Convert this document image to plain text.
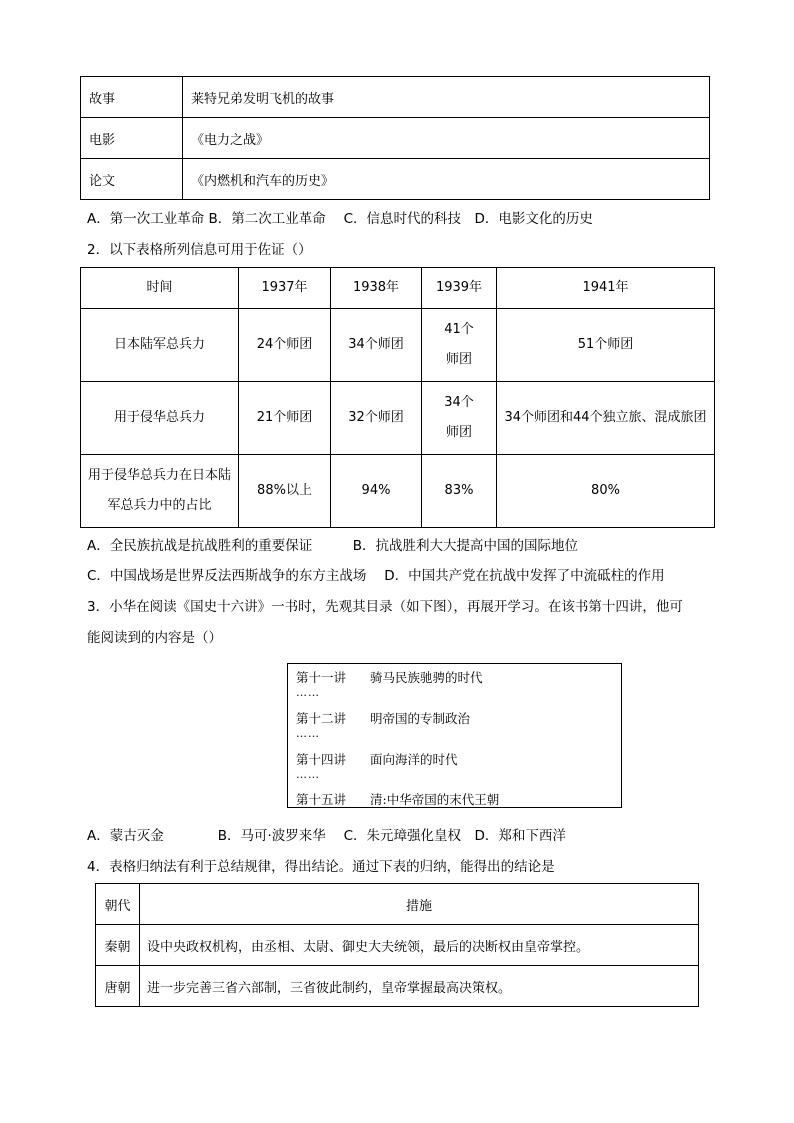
故事	莱特兄弟发明飞机的故事
电影	《电力之战》
论文	《内燃机和汽车的历史》
A．第一次工业革命 B．第二次工业革命　 C．信息时代的科技　D．电影文化的历史
2．以下表格所列信息可用于佐证（）
时间	1937年	1938年	1939年	1941年
日本陆军总兵力	24个师团	34个师团	41个师团	51个师团
用于侵华总兵力	21个师团	32个师团	34个师团	34个师团和44个独立旅、混成旅团
用于侵华总兵力在日本陆军总兵力中的占比	88%以上	94%	83%	80%
A．全民族抗战是抗战胜利的重要保证　　　B．抗战胜利大大提高中国的国际地位
C．中国战场是世界反法西斯战争的东方主战场　 D．中国共产党在抗战中发挥了中流砥柱的作用
3．小华在阅读《国史十六讲》一书时，先观其目录（如下图），再展开学习。在该书第十四讲，他可
能阅读到的内容是（）
第十一讲 骑马民族驰骋的时代
……
第十二讲 明帝国的专制政治
……
第十四讲 面向海洋的时代
……
第十五讲 清:中华帝国的末代王朝
A．蒙古灭金　　　　B．马可·波罗来华　 C．朱元璋强化皇权　D．郑和下西洋
4．表格归纳法有利于总结规律，得出结论。通过下表的归纳，能得出的结论是
朝代	措施
秦朝	设中央政权机构，由丞相、太尉、御史大夫统领，最后的决断权由皇帝掌控。
唐朝	进一步完善三省六部制，三省彼此制约，皇帝掌握最高决策权。
